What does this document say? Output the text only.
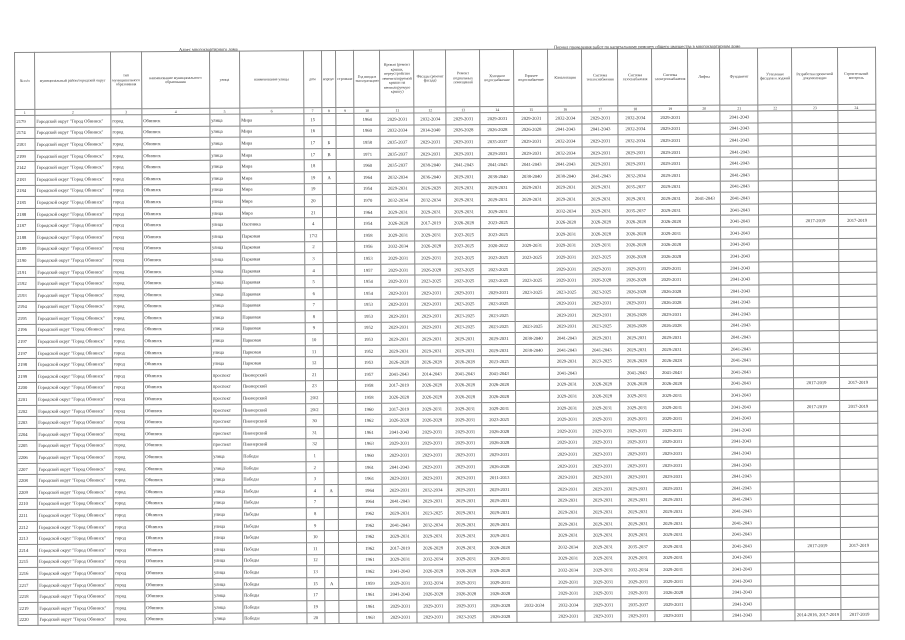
Адрес многоквартирного дома	Период проведения работ по капитальному ремонту общего имущества в многоквартирном доме
№ п/п	муниципальный район/городской округ	тип муниципального образования	наименование муниципального образования	улица	наименование улицы	дом	корпус	строение	Год ввода в эксплуатацию	Кровля (ремонт крыши, переустройство невентилируемой крыши на вентилируемую крышу)	Фасады (ремонт фасада)	Ремонт подвальных помещений	Холодное водоснабжение	Горячее водоснабжение	Канализация	Система теплоснабжения	Система газоснабжения	Система электроснабжения	Лифты	Фундамент	Утепление фасадов и лоджий	Разработка проектной документации	Строительный контроль
1	2	3	4	5	6	7	8	9	10	11	12	13	14	15	16	17	18	19	20	21	22	23	24
2179	Городской округ "Город Обнинск"	город	Обнинск	улица	Мира	15			1964	2029-2031	2032-2034	2029-2031	2029-2031	2029-2031	2032-2034	2029-2031	2032-2034	2029-2031		2041-2043			
2174	Городской округ "Город Обнинск"	город	Обнинск	улица	Мира	16			1960	2032-2034	2014-2040	2026-2028	2026-2028	2026-2028	2041-2043	2041-2043	2032-2034	2029-2031		2041-2043			
2183	Городской округ "Город Обнинск"	город	Обнинск	улица	Мира	17	Б		1958	2035-2037	2029-2031	2029-2031	2035-2037	2029-2031	2032-2034	2029-2031	2032-2034	2029-2031		2041-2043			
2199	Городской округ "Город Обнинск"	город	Обнинск	улица	Мира	17	В		1971	2035-2037	2029-2031	2029-2031	2029-2031	2029-2031	2032-2034	2029-2031	2029-2031	2029-2031		2041-2043			
2142	Городской округ "Город Обнинск"	город	Обнинск	улица	Мира	18			1960	2035-2037	2038-2040	2041-2043	2041-2043	2041-2043	2041-2043	2029-2031	2029-2031	2029-2031		2041-2043			
2183	Городской округ "Город Обнинск"	город	Обнинск	улица	Мира	19	А		1964	2032-2034	2036-2040	2029-2031	2038-2040	2038-2040	2038-2040	2041-2043	2032-2034	2029-2031		2041-2043			
2184	Городской округ "Город Обнинск"	город	Обнинск	улица	Мира	19			1954	2029-2031	2026-2028	2029-2031	2029-2031	2029-2031	2029-2031	2029-2031	2035-2037	2029-2031		2041-2043			
2185	Городской округ "Город Обнинск"	город	Обнинск	улица	Мира	20			1970	2032-2034	2032-2034	2029-2031	2029-2031	2029-2031	2029-2031	2029-2031	2029-2031	2029-2031	2041-2043	2041-2043			
2188	Городской округ "Город Обнинск"	город	Обнинск	улица	Мира	21			1964	2029-2031	2029-2031	2029-2031	2029-2031		2032-2034	2029-2031	2035-2037	2029-2031		2041-2043			
2187	Городской округ "Город Обнинск"	город	Обнинск	улица	Охотника	4			1954	2026-2028	2017-2019	2026-2028	2023-2025		2026-2028	2026-2028	2026-2028	2026-2028		2041-2043		2017-2019	2017-2019
2188	Городской округ "Город Обнинск"	город	Обнинск	улица	Парковая	17/2			1958	2029-2031	2029-2031	2023-2025	2023-2025		2029-2031	2026-2028	2026-2028	2029-2031		2041-2043			
2189	Городской округ "Город Обнинск"	город	Обнинск	улица	Парковая	2			1956	2032-2034	2026-2028	2023-2025	2020-2022	2029-2031	2029-2031	2029-2031	2026-2028	2026-2028		2041-2043			
2190	Городской округ "Город Обнинск"	город	Обнинск	улица	Парковая	3			1953	2029-2031	2029-2031	2023-2025	2023-2025	2023-2025	2029-2031	2023-2025	2026-2028	2026-2028		2041-2043			
2191	Городской округ "Город Обнинск"	город	Обнинск	улица	Парковая	4			1957	2029-2031	2026-2028	2023-2025	2023-2025		2029-2031	2029-2031	2029-2031	2029-2031		2041-2043			
2192	Городской округ "Город Обнинск"	город	Обнинск	улица	Парковая	5			1954	2029-2031	2023-2025	2023-2025	2023-2025	2023-2025	2029-2031	2026-2028	2026-2028	2029-2031		2041-2043			
2193	Городской округ "Город Обнинск"	город	Обнинск	улица	Парковая	6			1954	2029-2031	2029-2031	2029-2031	2029-2031	2023-2025	2023-2025	2023-2025	2026-2028	2026-2028		2041-2043			
2194	Городской округ "Город Обнинск"	город	Обнинск	улица	Парковая	7			1953	2029-2031	2029-2031	2023-2025	2023-2025		2029-2031	2029-2031	2029-2031	2026-2028		2041-2043			
2195	Городской округ "Город Обнинск"	город	Обнинск	улица	Парковая	8			1953	2029-2031	2029-2031	2023-2025	2023-2025		2029-2031	2029-2031	2026-2028	2029-2031		2041-2043			
2196	Городской округ "Город Обнинск"	город	Обнинск	улица	Парковая	9			1952	2029-2031	2029-2031	2023-2025	2023-2025	2023-2025	2029-2031	2023-2025	2026-2028	2026-2028		2041-2043			
2197	Городской округ "Город Обнинск"	город	Обнинск	улица	Парковая	10			1953	2029-2031	2029-2031	2029-2031	2029-2031	2038-2040	2041-2043	2029-2031	2029-2031	2029-2031		2041-2043			
2197	Городской округ "Город Обнинск"	город	Обнинск	улица	Парковая	11			1952	2029-2031	2029-2031	2029-2031	2029-2031	2038-2040	2041-2043	2041-2043	2029-2031	2029-2031		2041-2043			
2198	Городской округ "Город Обнинск"	город	Обнинск	улица	Парковая	12			1953	2026-2028	2026-2028	2026-2028	2023-2025		2029-2031	2023-2025	2026-2028	2026-2028		2041-2043			
2199	Городской округ "Город Обнинск"	город	Обнинск	проспект	Пионерский	21			1957	2041-2043	2014-2043	2041-2043	2041-2043		2041-2043		2041-2043	2041-2043		2041-2043			
2200	Городской округ "Город Обнинск"	город	Обнинск	проспект	Пионерский	23			1958	2017-2019	2026-2028	2026-2028	2026-2028		2029-2031	2026-2028	2026-2028	2026-2028		2041-2043		2017-2019	2017-2019
2201	Городской округ "Город Обнинск"	город	Обнинск	проспект	Пионерский	20/2			1958	2026-2028	2026-2028	2026-2028	2026-2028		2029-2031	2026-2028	2029-2031	2029-2031		2041-2043			
2202	Городской округ "Город Обнинск"	город	Обнинск	проспект	Пионерский	20/2			1960	2017-2019	2029-2031	2029-2031	2029-2031		2029-2031	2029-2031	2029-2031	2029-2031		2041-2043		2017-2019	2017-2019
2203	Городской округ "Город Обнинск"	город	Обнинск	проспект	Пионерский	30			1962	2026-2028	2026-2028	2029-2031	2023-2025		2029-2031	2029-2031	2029-2031	2029-2031		2041-2043			
2204	Городской округ "Город Обнинск"	город	Обнинск	проспект	Пионерский	31			1961	2041-2043	2029-2031	2029-2031	2026-2028		2029-2031	2029-2031	2029-2031	2029-2031		2041-2043			
2205	Городской округ "Город Обнинск"	город	Обнинск	проспект	Пионерский	32			1963	2029-2031	2029-2031	2029-2031	2026-2028		2029-2031	2029-2031	2029-2031	2029-2031		2041-2043			
2206	Городской округ "Город Обнинск"	город	Обнинск	улица	Победы	1			1960	2029-2031	2029-2031	2029-2031	2029-2031		2029-2031	2029-2031	2029-2031	2029-2031		2041-2043			
2207	Городской округ "Город Обнинск"	город	Обнинск	улица	Победы	2			1961	2041-2043	2029-2031	2029-2031	2026-2028		2029-2031	2029-2031	2029-2031	2029-2031		2041-2043			
2208	Городской округ "Город Обнинск"	город	Обнинск	улица	Победы	3			1961	2029-2031	2029-2031	2029-2031	2011-2013		2029-2031	2029-2031	2029-2031	2029-2031		2041-2043			
2209	Городской округ "Город Обнинск"	город	Обнинск	улица	Победы	4	А		1964	2029-2031	2032-2034	2029-2031	2029-2031		2029-2031	2029-2031	2029-2031	2029-2031		2041-2043			
2210	Городской округ "Город Обнинск"	город	Обнинск	улица	Победы	7			1964	2041-2043	2029-2031	2029-2031	2029-2031		2029-2031	2029-2031	2029-2031	2029-2031		2041-2043			
2211	Городской округ "Город Обнинск"	город	Обнинск	улица	Победы	8			1962	2029-2031	2023-2025	2029-2031	2029-2031		2029-2031	2029-2031	2029-2031	2029-2031		2041-2043			
2212	Городской округ "Город Обнинск"	город	Обнинск	улица	Победы	9			1962	2041-2043	2032-2034	2029-2031	2029-2031		2029-2031	2029-2031	2029-2031	2029-2031		2041-2043			
2213	Городской округ "Город Обнинск"	город	Обнинск	улица	Победы	10			1962	2029-2031	2029-2031	2029-2031	2029-2031		2029-2031	2029-2031	2029-2031	2029-2031		2041-2043			
2214	Городской округ "Город Обнинск"	город	Обнинск	улица	Победы	11			1962	2017-2019	2026-2028	2029-2031	2026-2028		2032-2034	2029-2031	2035-2037	2029-2031		2041-2043		2017-2019	2017-2019
2215	Городской округ "Город Обнинск"	город	Обнинск	улица	Победы	12			1961	2029-2031	2032-2034	2029-2031	2029-2031		2029-2031	2029-2031	2029-2031	2029-2031		2041-2043			
2216	Городской округ "Город Обнинск"	город	Обнинск	улица	Победы	13			1962	2041-2043	2026-2028	2026-2028	2026-2028		2032-2034	2029-2031	2032-2034	2029-2031		2041-2043			
2217	Городской округ "Город Обнинск"	город	Обнинск	улица	Победы	15	А		1959	2029-2031	2032-2034	2029-2031	2029-2031		2029-2031	2029-2031	2029-2031	2029-2031		2041-2043			
2218	Городской округ "Город Обнинск"	город	Обнинск	улица	Победы	17			1961	2041-2043	2026-2028	2026-2028	2026-2028		2029-2031	2029-2031	2029-2031	2026-2028		2041-2043			
2219	Городской округ "Город Обнинск"	город	Обнинск	улица	Победы	19			1961	2029-2031	2029-2031	2029-2031	2026-2028	2032-2034	2032-2034	2029-2031	2035-2037	2029-2031		2041-2043			
2220	Городской округ "Город Обнинск"	город	Обнинск	улица	Победы	20			1963	2029-2031	2029-2031	2023-2025	2026-2028		2029-2031	2029-2031	2029-2031	2029-2031		2041-2043		2014-2016, 2017-2019	2017-2019
